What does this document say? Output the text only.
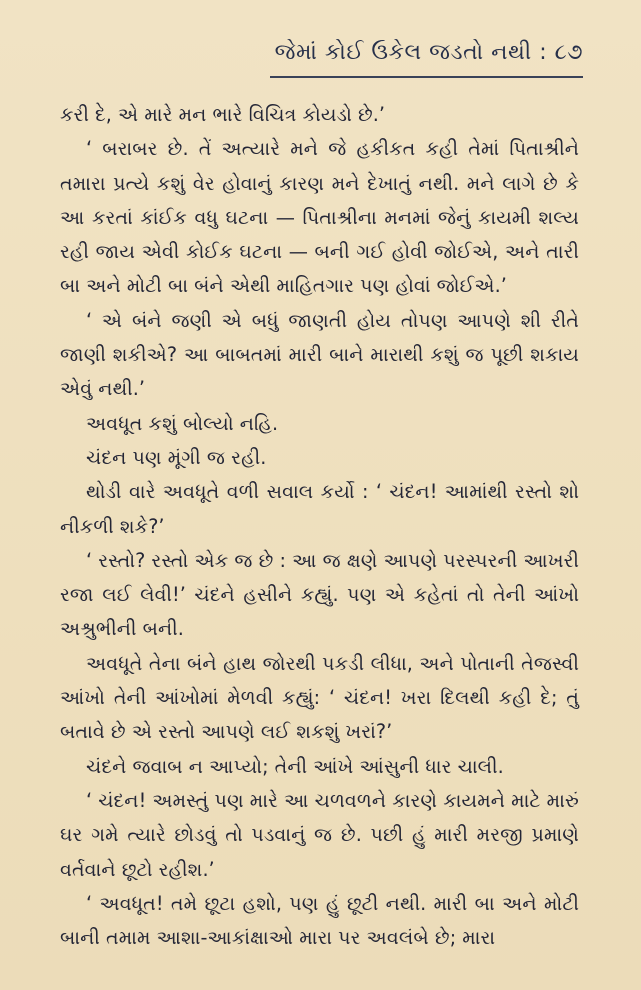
જેમાં કોઈ ઉકેલ જડતો નથી : ૮૭

કરી દે, એ મારે મન ભારે વિચિત્ર કોયડો છે.’

‘ બરાબર છે. તેં અત્યારે મને જે હકીકત કહી તેમાં પિતાશ્રીને તમારા પ્રત્યે કશું વેર હોવાનું કારણ મને દેખાતું નથી. મને લાગે છે કે આ કરતાં કાંઈક વધુ ઘટના — પિતાશ્રીના મનમાં જેનું કાયમી શલ્ય રહી જાય એવી કોઈક ઘટના — બની ગઈ હોવી જોઈએ, અને તારી બા અને મોટી બા બંને એથી માહિતગાર પણ હોવાં જોઈએ.’

‘ એ બંને જણી એ બધું જાણતી હોય તોપણ આપણે શી રીતે જાણી શકીએ? આ બાબતમાં મારી બાને મારાથી કશું જ પૂછી શકાય એવું નથી.’

અવધૂત કશું બોલ્યો નહિ.

ચંદન પણ મૂંગી જ રહી.

થોડી વારે અવધૂતે વળી સવાલ કર્યો : ‘ ચંદન! આમાંથી રસ્તો શો નીકળી શકે?’

‘ રસ્તો? રસ્તો એક જ છે : આ જ ક્ષણે આપણે પરસ્પરની આખરી રજા લઈ લેવી!’ ચંદને હસીને કહ્યું. પણ એ કહેતાં તો તેની આંખો અશ્રુભીની બની.

અવધૂતે તેના બંને હાથ જોરથી પકડી લીધા, અને પોતાની તેજસ્વી આંખો તેની આંખોમાં મેળવી કહ્યું: ‘ ચંદન! ખરા દિલથી કહી દે; તું બતાવે છે એ રસ્તો આપણે લઈ શકશું ખરાં?’

ચંદને જવાબ ન આપ્યો; તેની આંખે આંસુની ધાર ચાલી.

‘ ચંદન! અમસ્તું પણ મારે આ ચળવળને કારણે કાયમને માટે મારું ઘર ગમે ત્યારે છોડવું તો પડવાનું જ છે. પછી હું મારી મરજી પ્રમાણે વર્તવાને છૂટો રહીશ.’

‘ અવધૂત! તમે છૂટા હશો, પણ હું છૂટી નથી. મારી બા અને મોટી બાની તમામ આશા-આકાંક્ષાઓ મારા પર અવલંબે છે; મારા
